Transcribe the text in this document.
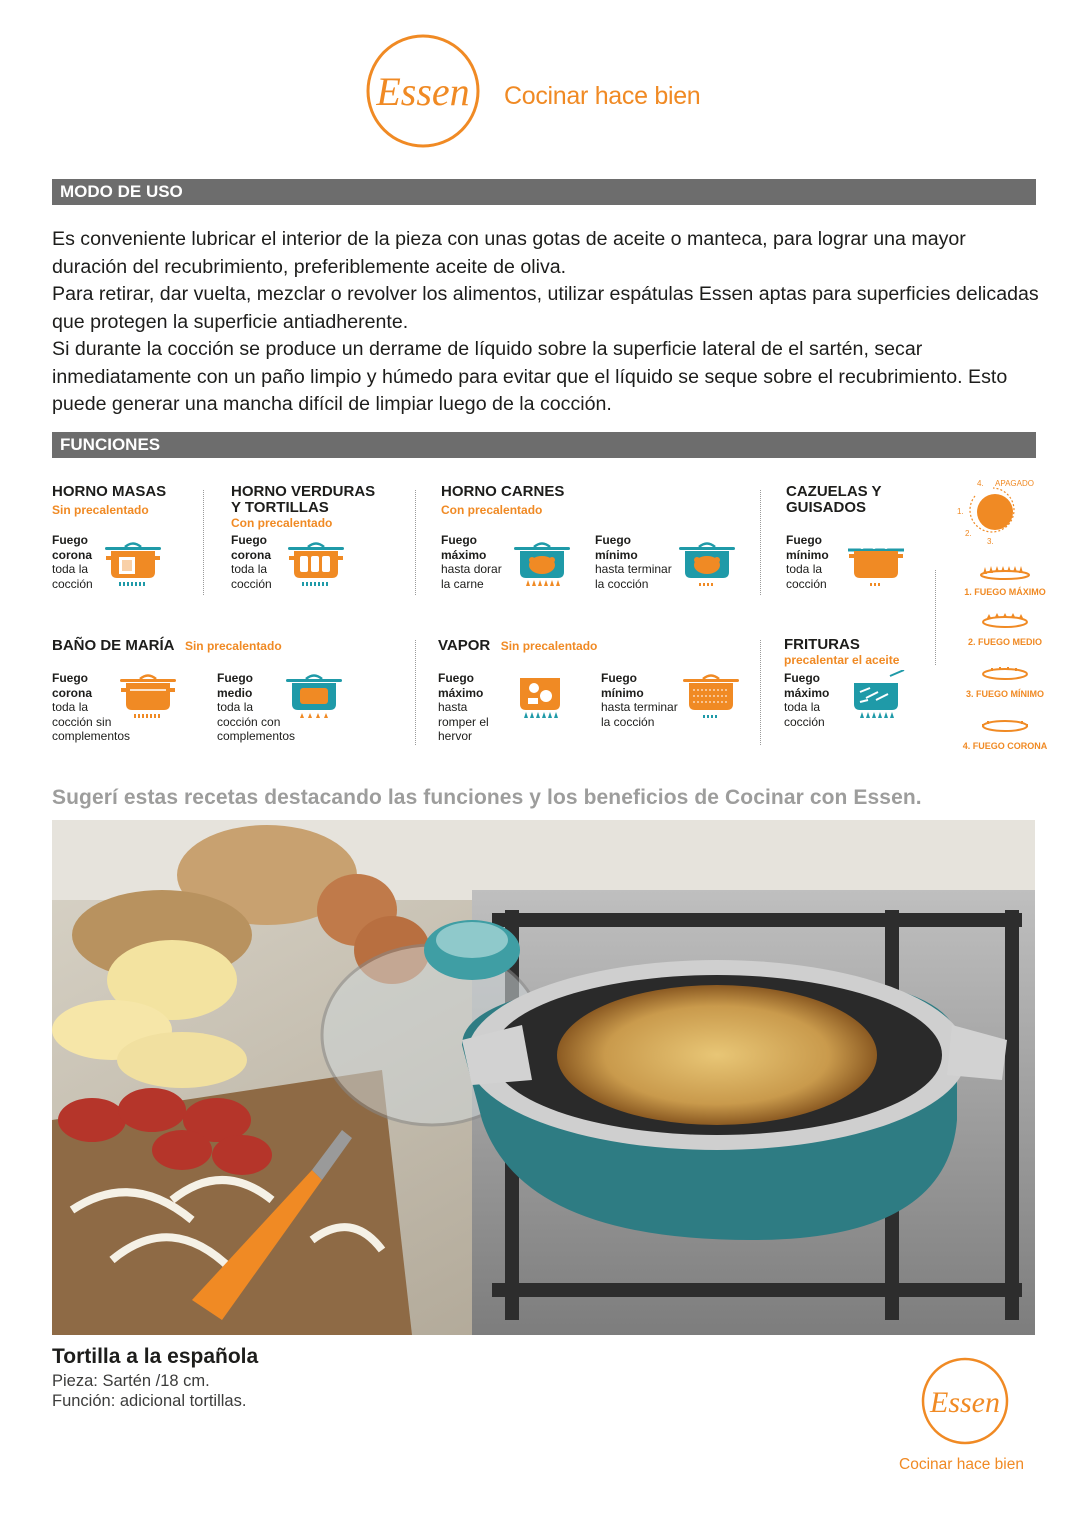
Essen Cocinar hace bien
MODO DE USO

Es conveniente lubricar el interior de la pieza con unas gotas de aceite o manteca, para lograr una mayor duración del recubrimiento, preferiblemente aceite de oliva.

Para retirar, dar vuelta, mezclar o revolver los alimentos, utilizar espátulas Essen aptas para superficies delicadas que protegen la superficie antiadherente.

Si durante la cocción se produce un derrame de líquido sobre la superficie lateral de el sartén, secar inmediatamente con un paño limpio y húmedo para evitar que el líquido se seque sobre el recubrimiento. Esto puede generar una mancha difícil de limpiar luego de la cocción.

FUNCIONES
HORNO MASAS
Sin precalentado
Fuego
corona
toda la
cocción
HORNO VERDURAS
Y TORTILLAS
Con precalentado
Fuego
corona
toda la
cocción
HORNO CARNES
Con precalentado
Fuego
máximo
hasta dorar
la carne
Fuego
mínimo
hasta terminar
la cocción
CAZUELAS Y
GUISADOS
Fuego
mínimo
toda la
cocción
APAGADO
4.
1.
2.
3.
1. FUEGO MÁXIMO
2. FUEGO MEDIO
3. FUEGO MÍNIMO
4. FUEGO CORONA
BAÑO DE MARÍA Sin precalentado
Fuego
corona
toda la
cocción sin
complementos
Fuego
medio
toda la
cocción con
complementos
VAPOR Sin precalentado
Fuego
máximo
hasta
romper el
hervor
Fuego
mínimo
hasta terminar
la cocción
FRITURAS
precalentar el aceite
Fuego
máximo
toda la
cocción
Sugerí estas recetas destacando las funciones y los beneficios de Cocinar con Essen.
Tortilla a la española
Pieza: Sartén /18 cm.
Función: adicional tortillas.	Essen
Cocinar hace bien
